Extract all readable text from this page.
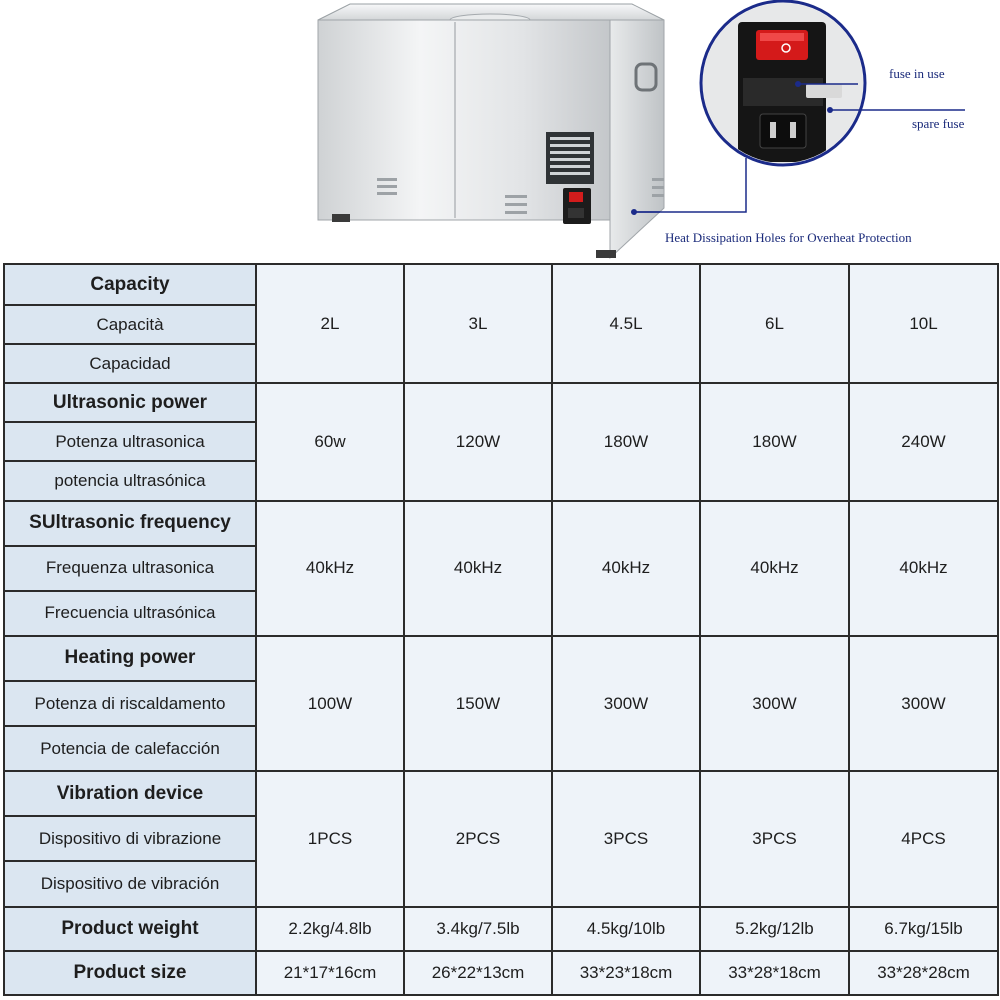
fuse in use
spare fuse
Heat Dissipation Holes for Overheat Protection
Capacity	2L	3L	4.5L	6L	10L
Capacità					
Capacidad					
Ultrasonic power	60w	120W	180W	180W	240W
Potenza ultrasonica					
potencia ultrasónica					
SUltrasonic frequency	40kHz	40kHz	40kHz	40kHz	40kHz
Frequenza ultrasonica					
Frecuencia ultrasónica					
Heating power	100W	150W	300W	300W	300W
Potenza di riscaldamento					
Potencia de calefacción					
Vibration device	1PCS	2PCS	3PCS	3PCS	4PCS
Dispositivo di vibrazione					
Dispositivo de vibración					
Product weight	2.2kg/4.8lb	3.4kg/7.5lb	4.5kg/10lb	5.2kg/12lb	6.7kg/15lb
Product size	21*17*16cm	26*22*13cm	33*23*18cm	33*28*18cm	33*28*28cm
